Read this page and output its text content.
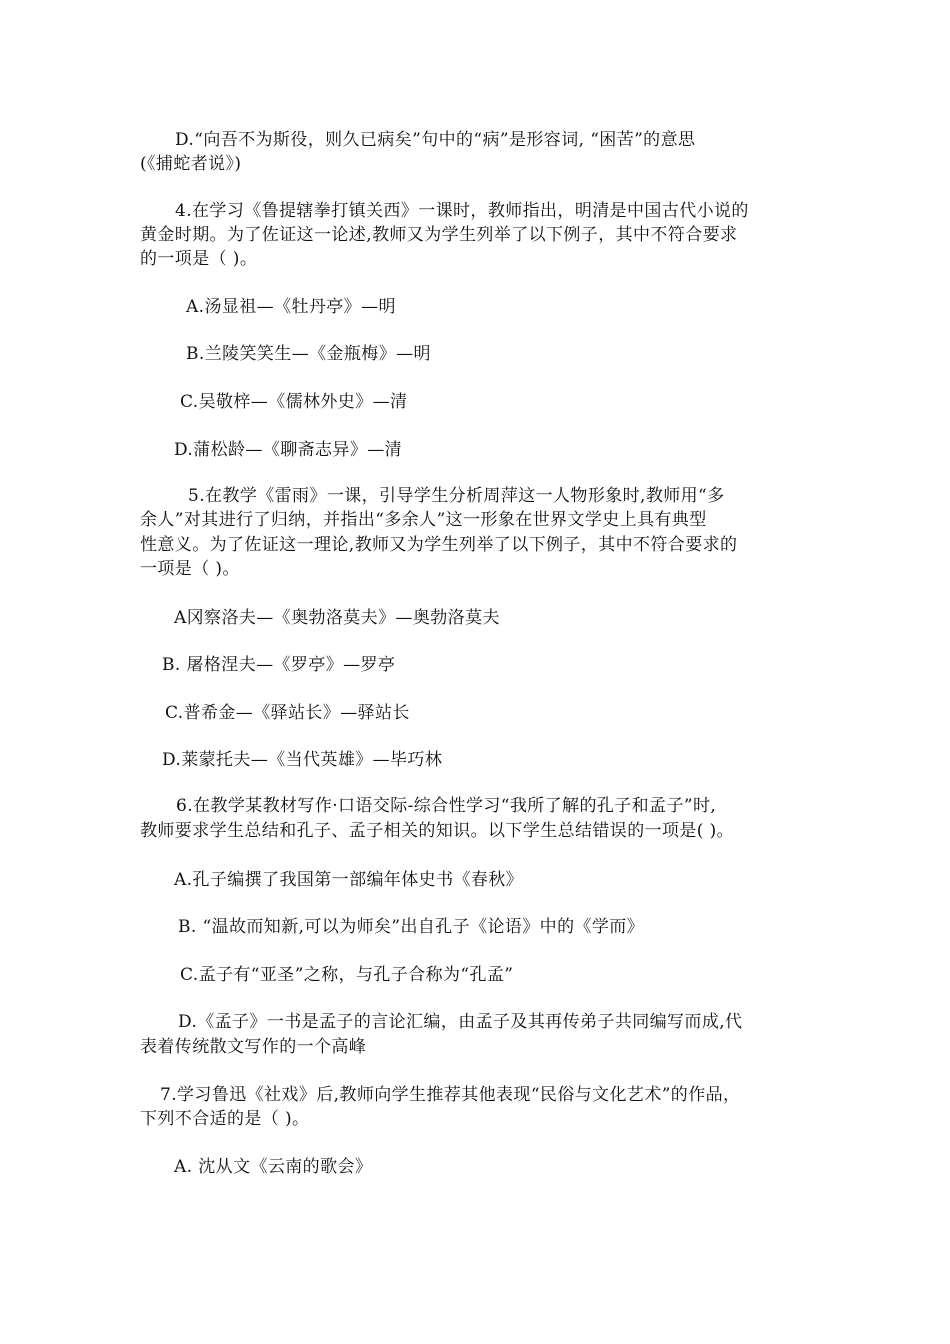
D.“向吾不为斯役，则久已病矣”句中的“病”是形容词, “困苦”的意思
(《捕蛇者说》)
4.在学习《鲁提辖拳打镇关西》一课时，教师指出，明清是中国古代小说的
黄金时期。为了佐证这一论述,教师又为学生列举了以下例子，其中不符合要求
的一项是（ )。
A.汤显祖—《牡丹亭》—明
B.兰陵笑笑生—《金瓶梅》—明
C.吴敬梓—《儒林外史》—清
D.蒲松龄—《聊斋志异》—清
5.在教学《雷雨》一课，引导学生分析周萍这一人物形象时,教师用“多
余人”对其进行了归纳，并指出“多余人”这一形象在世界文学史上具有典型
性意义。为了佐证这一理论,教师又为学生列举了以下例子，其中不符合要求的
一项是（ )。
A冈察洛夫—《奥勃洛莫夫》—奥勃洛莫夫
B. 屠格涅夫—《罗亭》—罗亭
C.普希金—《驿站长》—驿站长
D.莱蒙托夫—《当代英雄》—毕巧林
6.在教学某教材写作·口语交际-综合性学习“我所了解的孔子和孟子”时,
教师要求学生总结和孔子、孟子相关的知识。以下学生总结错误的一项是( )。
A.孔子编撰了我国第一部编年体史书《春秋》
B. “温故而知新,可以为师矣”出自孔子《论语》中的《学而》
C.孟子有“亚圣”之称，与孔子合称为“孔孟”
D.《孟子》一书是孟子的言论汇编，由孟子及其再传弟子共同编写而成,代
表着传统散文写作的一个高峰
7.学习鲁迅《社戏》后,教师向学生推荐其他表现“民俗与文化艺术”的作品，
下列不合适的是（ )。
A. 沈从文《云南的歌会》
